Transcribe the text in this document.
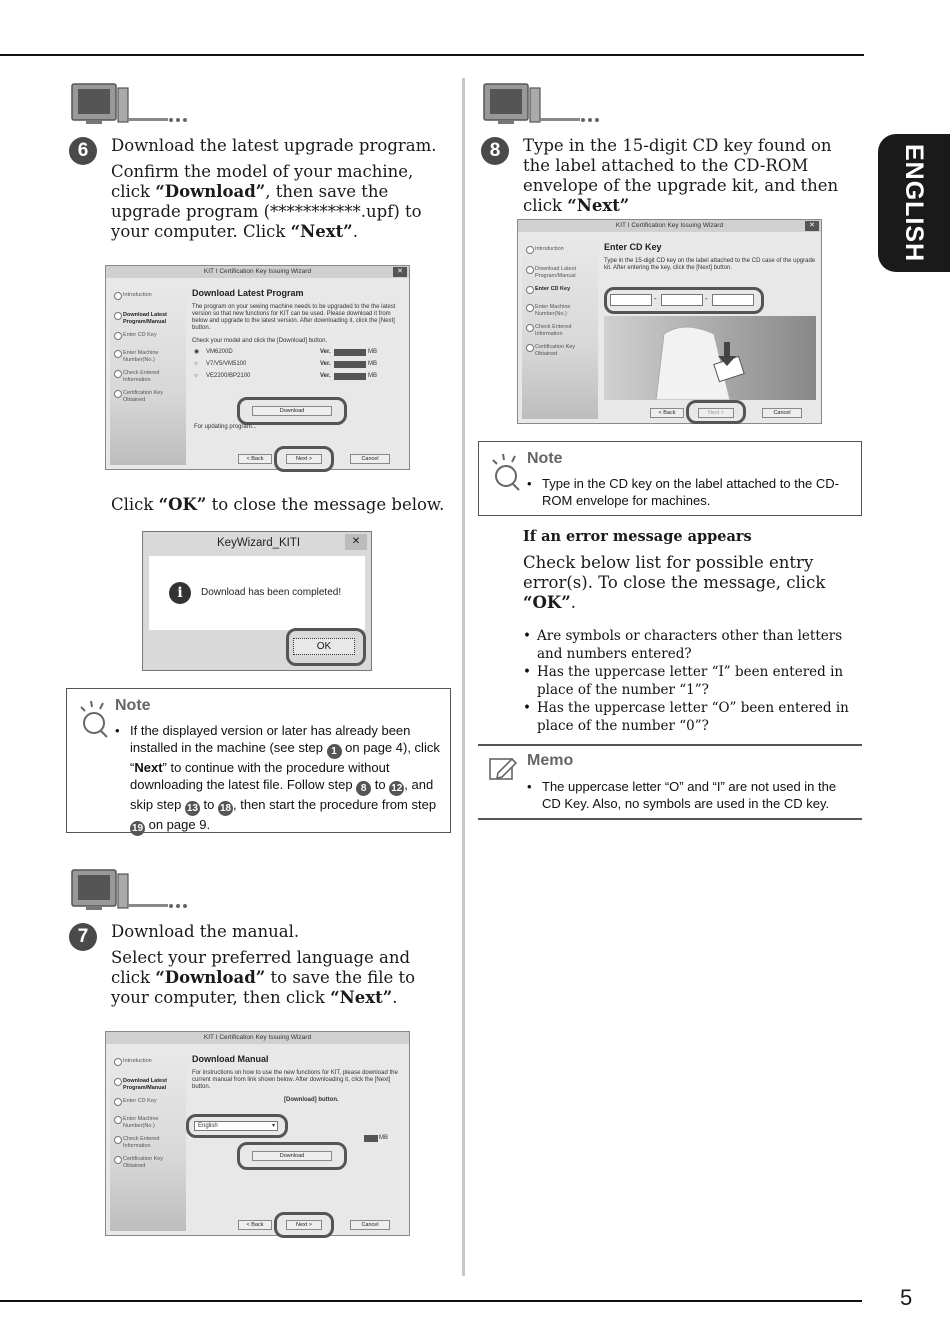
ENGLISH
5
6	Download the latest upgrade program.
Confirm the model of your machine, click “Download”, then save the upgrade program (***********.upf) to your computer. Click “Next”.
KIT I Certification Key Issuing Wizard	✕
Introduction
Download Latest Program/Manual
Enter CD Key
Enter Machine Number(No.)
Check Entered Information
Certification Key Obtained
Download Latest Program
The program on your sewing machine needs to be upgraded to the the latest version so that new functions for KIT can be used. Please download it from below and upgrade to the latest version. After downloading it, click the [Next] button.
Check your model and click the [Download] button.
◉ VM6200D	Ver.	MB
○ V7/V5/VM5100	Ver.	MB
○ VE2200/BP2100	Ver.	MB
Download
For updating program...
< Back	Next >	Cancel
Click “OK” to close the message below.
KeyWizard_KITI	✕
i	Download has been completed!
OK
Note
• If the displayed version or later has already been installed in the machine (see step 1 on page 4), click “Next” to continue with the procedure without downloading the latest file. Follow step 8 to 12 , and skip step 13 to 18 , then start the procedure from step 19 on page 9.
7	Download the manual.
Select your preferred language and click “Download” to save the file to your computer, then click “Next”.
KIT I Certification Key Issuing Wizard
Introduction
Download Latest Program/Manual
Enter CD Key
Enter Machine Number(No.)
Check Entered Information
Certification Key Obtained
Download Manual
For instructions on how to use the new functions for KIT, please download the current manual from link shown below. After downloading it, click the [Next] button.
[Download] button.
English	▾
MB
Download
< Back	Next >	Cancel
8	Type in the 15-digit CD key found on the label attached to the CD-ROM envelope of the upgrade kit, and then click “Next”
KIT I Certification Key Issuing Wizard	✕
Introduction
Download Latest Program/Manual
Enter CD Key
Enter Machine Number(No.)
Check Entered Information
Certification Key Obtained
Enter CD Key
Type in the 15-digit CD key on the label attached to the CD case of the upgrade kit. After entering the key, click the [Next] button.
-	-
< Back	Next >	Cancel
Note
• Type in the CD key on the label attached to the CD-ROM envelope for machines.
If an error message appears
Check below list for possible entry error(s). To close the message, click “OK”.
• Are symbols or characters other than letters and numbers entered?
• Has the uppercase letter “I” been entered in place of the number “1”?
• Has the uppercase letter “O” been entered in place of the number “0”?
Memo
• The uppercase letter “O” and “I” are not used in the CD Key. Also, no symbols are used in the CD key.
